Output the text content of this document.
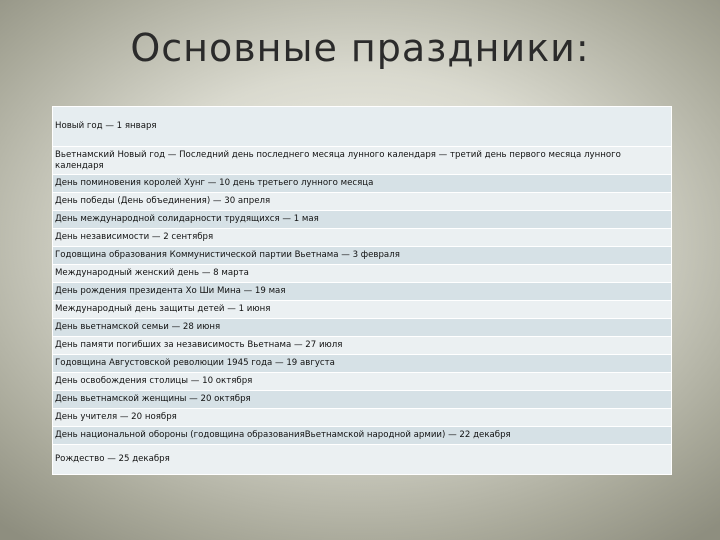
Основные праздники:
Новый год — 1 января
Вьетнамский Новый год — Последний день последнего месяца лунного календаря — третий день первого месяца лунного календаря
День поминовения королей Хунг — 10 день третьего лунного месяца
День победы (День объединения) — 30 апреля
День международной солидарности трудящихся — 1 мая
День независимости — 2 сентября
Годовщина образования Коммунистической партии Вьетнама — 3 февраля
Международный женский день — 8 марта
День рождения президента Хо Ши Мина — 19 мая
Международный день защиты детей — 1 июня
День вьетнамской семьи — 28 июня
День памяти погибших за независимость Вьетнама — 27 июля
Годовщина Августовской революции 1945 года — 19 августа
День освобождения столицы — 10 октября
День вьетнамской женщины — 20 октября
День учителя — 20 ноября
День национальной обороны (годовщина образованияВьетнамской народной армии) — 22 декабря
Рождество — 25 декабря
